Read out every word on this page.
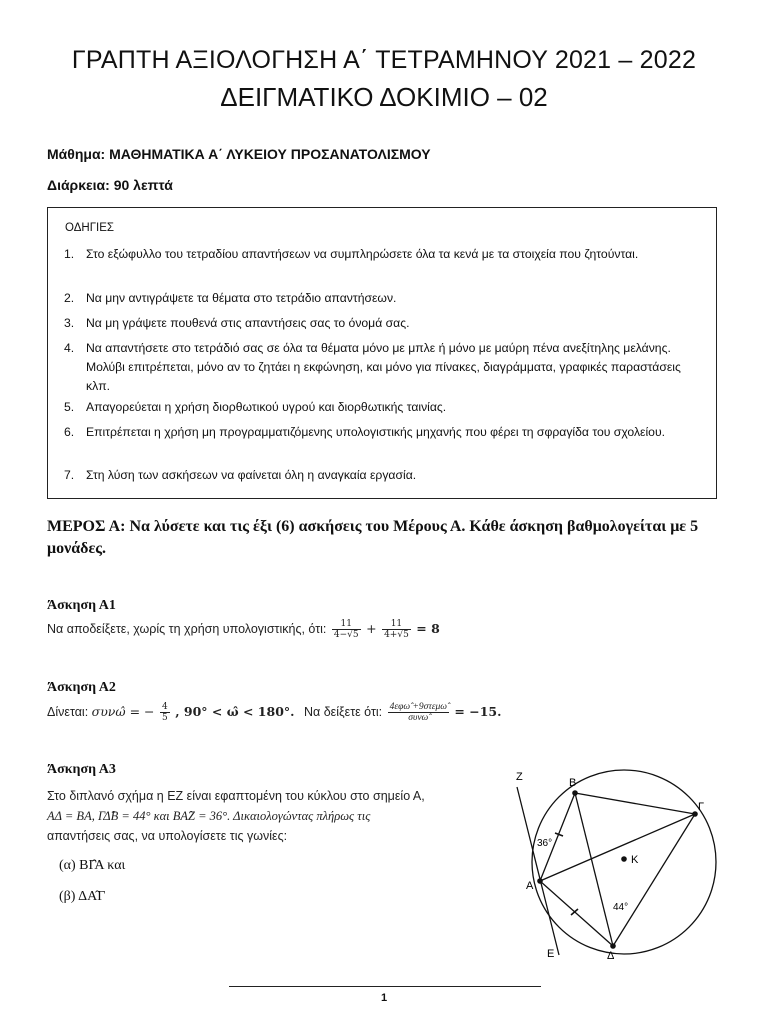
ΓΡΑΠΤΗ ΑΞΙΟΛΟΓΗΣΗ Α΄ ΤΕΤΡΑΜΗΝΟΥ 2021 – 2022
ΔΕΙΓΜΑΤΙΚΟ ΔΟΚΙΜΙΟ – 02
Μάθημα: ΜΑΘΗΜΑΤΙΚΑ Α΄ ΛΥΚΕΙΟΥ ΠΡΟΣΑΝΑΤΟΛΙΣΜΟΥ
Διάρκεια: 90 λεπτά
ΟΔΗΓΙΕΣ
1. Στο εξώφυλλο του τετραδίου απαντήσεων να συμπληρώσετε όλα τα κενά με τα στοιχεία που ζητούνται.
2. Να μην αντιγράψετε τα θέματα στο τετράδιο απαντήσεων.
3. Να μη γράψετε πουθενά στις απαντήσεις σας το όνομά σας.
4. Να απαντήσετε στο τετράδιό σας σε όλα τα θέματα μόνο με μπλε ή μόνο με μαύρη πένα ανεξίτηλης μελάνης. Μολύβι επιτρέπεται, μόνο αν το ζητάει η εκφώνηση, και μόνο για πίνακες, διαγράμματα, γραφικές παραστάσεις κλπ.
5. Απαγορεύεται η χρήση διορθωτικού υγρού και διορθωτικής ταινίας.
6. Επιτρέπεται η χρήση μη προγραμματιζόμενης υπολογιστικής μηχανής που φέρει τη σφραγίδα του σχολείου.
7. Στη λύση των ασκήσεων να φαίνεται όλη η αναγκαία εργασία.
ΜΕΡΟΣ Α: Να λύσετε και τις έξι (6) ασκήσεις του Μέρους Α. Κάθε άσκηση βαθμολογείται με 5 μονάδες.
Άσκηση Α1
Να αποδείξετε, χωρίς τη χρήση υπολογιστικής, ότι: $\frac{11}{4-√5} + \frac{11}{4+√5} = 8$
Άσκηση Α2
Δίνεται: συνω̂ = − $\frac{4}{5}$ , 90° < ω̂ < 180°. Να δείξετε ότι: $\frac{\text{4εφω̂ +9στεμω̂}}{\text{συνω̂}} = -15$.
Άσκηση Α3
Στο διπλανό σχήμα η ΕΖ είναι εφαπτομένη του κύκλου στο σημείο Α,
ΑΔ = ΒΑ, ΓΔ̂Β = 44° και ΒΑ̂Ζ = 36°. Δικαιολογώντας πλήρως τις
απαντήσεις σας, να υπολογίσετε τις γωνίες:
(α) ΒΓ̂Α και
(β) ΔΑ̂Γ
Ζ	Β
Γ
Κ
Α
Ε	Δ
36°
44°
1
